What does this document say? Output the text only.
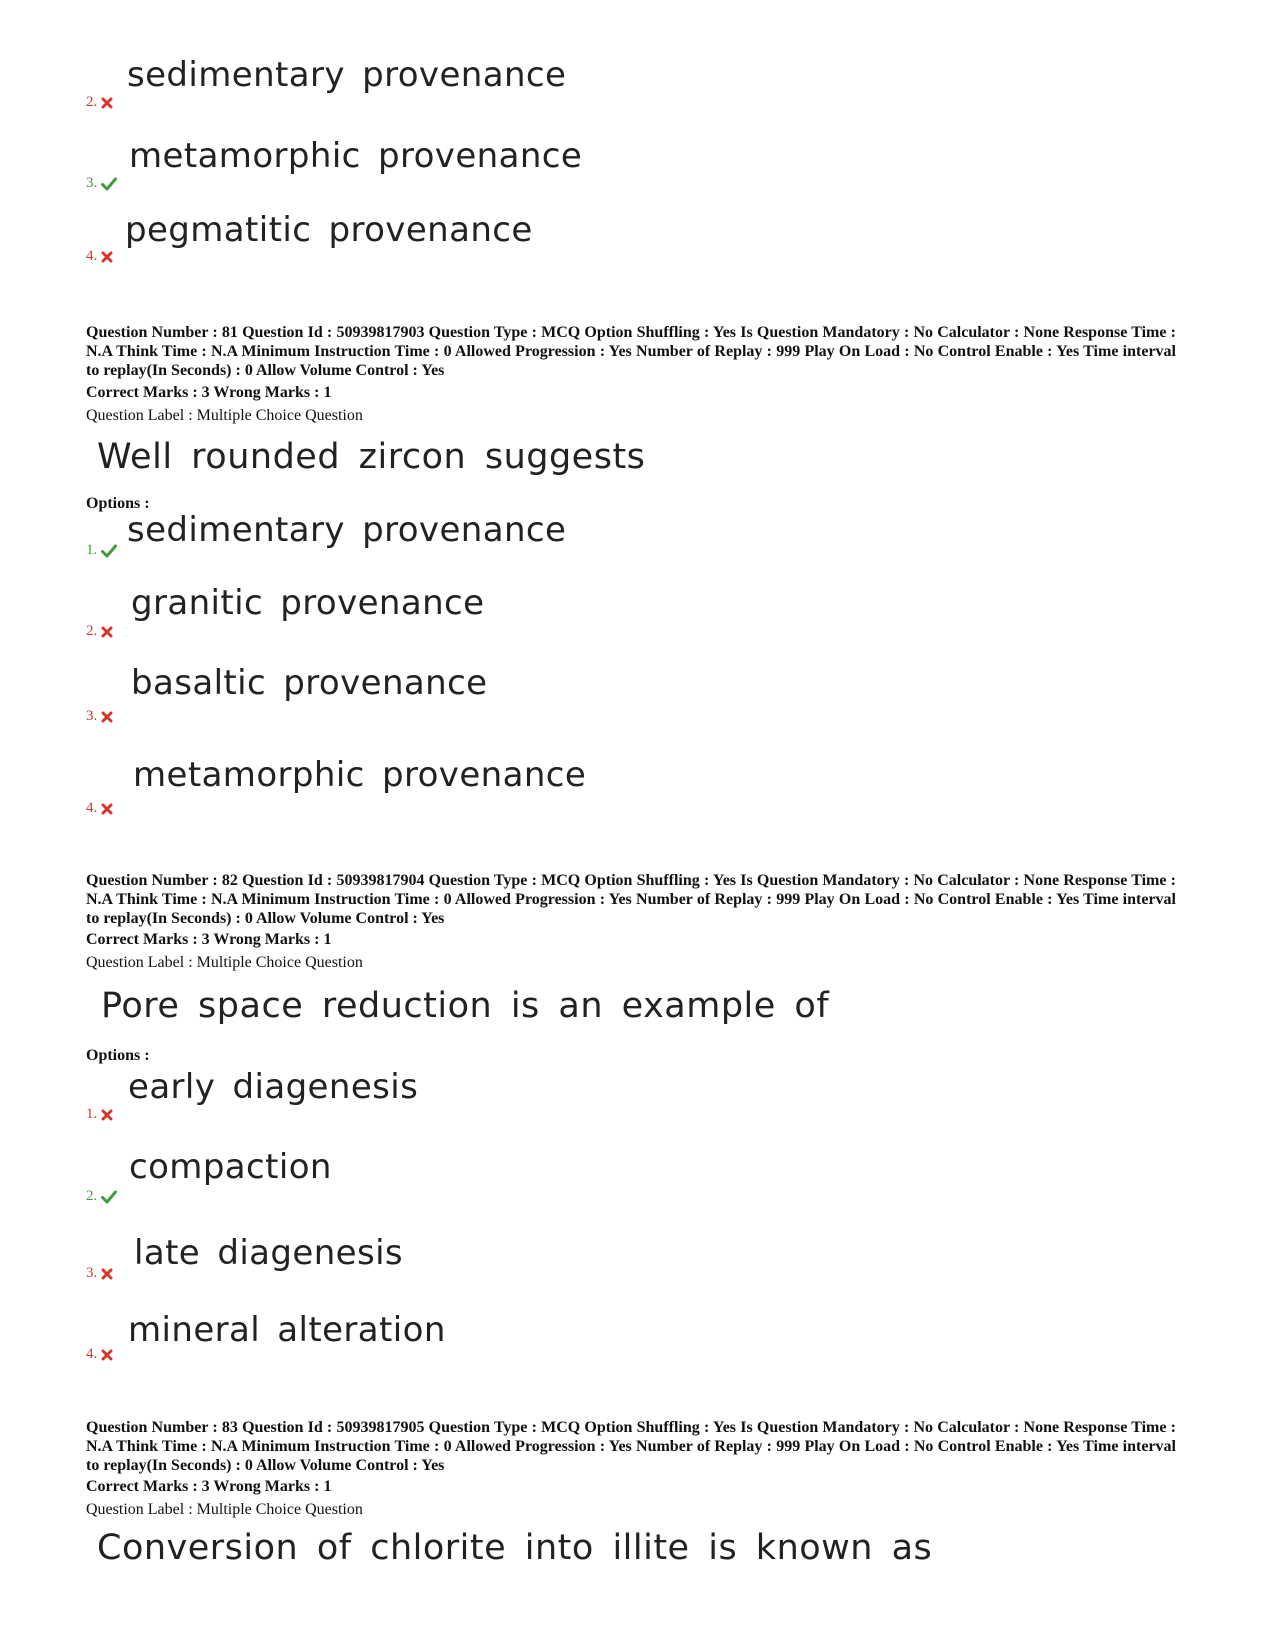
2.
sedimentary provenance
3.
metamorphic provenance
4.
pegmatitic provenance
Question Number : 81 Question Id : 50939817903 Question Type : MCQ Option Shuffling : Yes Is Question Mandatory : No Calculator : None Response Time : N.A Think Time : N.A Minimum Instruction Time : 0 Allowed Progression : Yes Number of Replay : 999 Play On Load : No Control Enable : Yes Time interval to replay(In Seconds) : 0 Allow Volume Control : Yes
Correct Marks : 3 Wrong Marks : 1
Question Label : Multiple Choice Question
Well rounded zircon suggests
Options :
1. sedimentary provenance
2.
granitic provenance
3.
basaltic provenance
4.
metamorphic provenance
Question Number : 82 Question Id : 50939817904 Question Type : MCQ Option Shuffling : Yes Is Question Mandatory : No Calculator : None Response Time : N.A Think Time : N.A Minimum Instruction Time : 0 Allowed Progression : Yes Number of Replay : 999 Play On Load : No Control Enable : Yes Time interval to replay(In Seconds) : 0 Allow Volume Control : Yes
Correct Marks : 3 Wrong Marks : 1
Question Label : Multiple Choice Question
Pore space reduction is an example of
Options :
1.
early diagenesis
2.
compaction
3. late diagenesis
4.
mineral alteration
Question Number : 83 Question Id : 50939817905 Question Type : MCQ Option Shuffling : Yes Is Question Mandatory : No Calculator : None Response Time : N.A Think Time : N.A Minimum Instruction Time : 0 Allowed Progression : Yes Number of Replay : 999 Play On Load : No Control Enable : Yes Time interval to replay(In Seconds) : 0 Allow Volume Control : Yes
Correct Marks : 3 Wrong Marks : 1
Question Label : Multiple Choice Question
Conversion of chlorite into illite is known as
